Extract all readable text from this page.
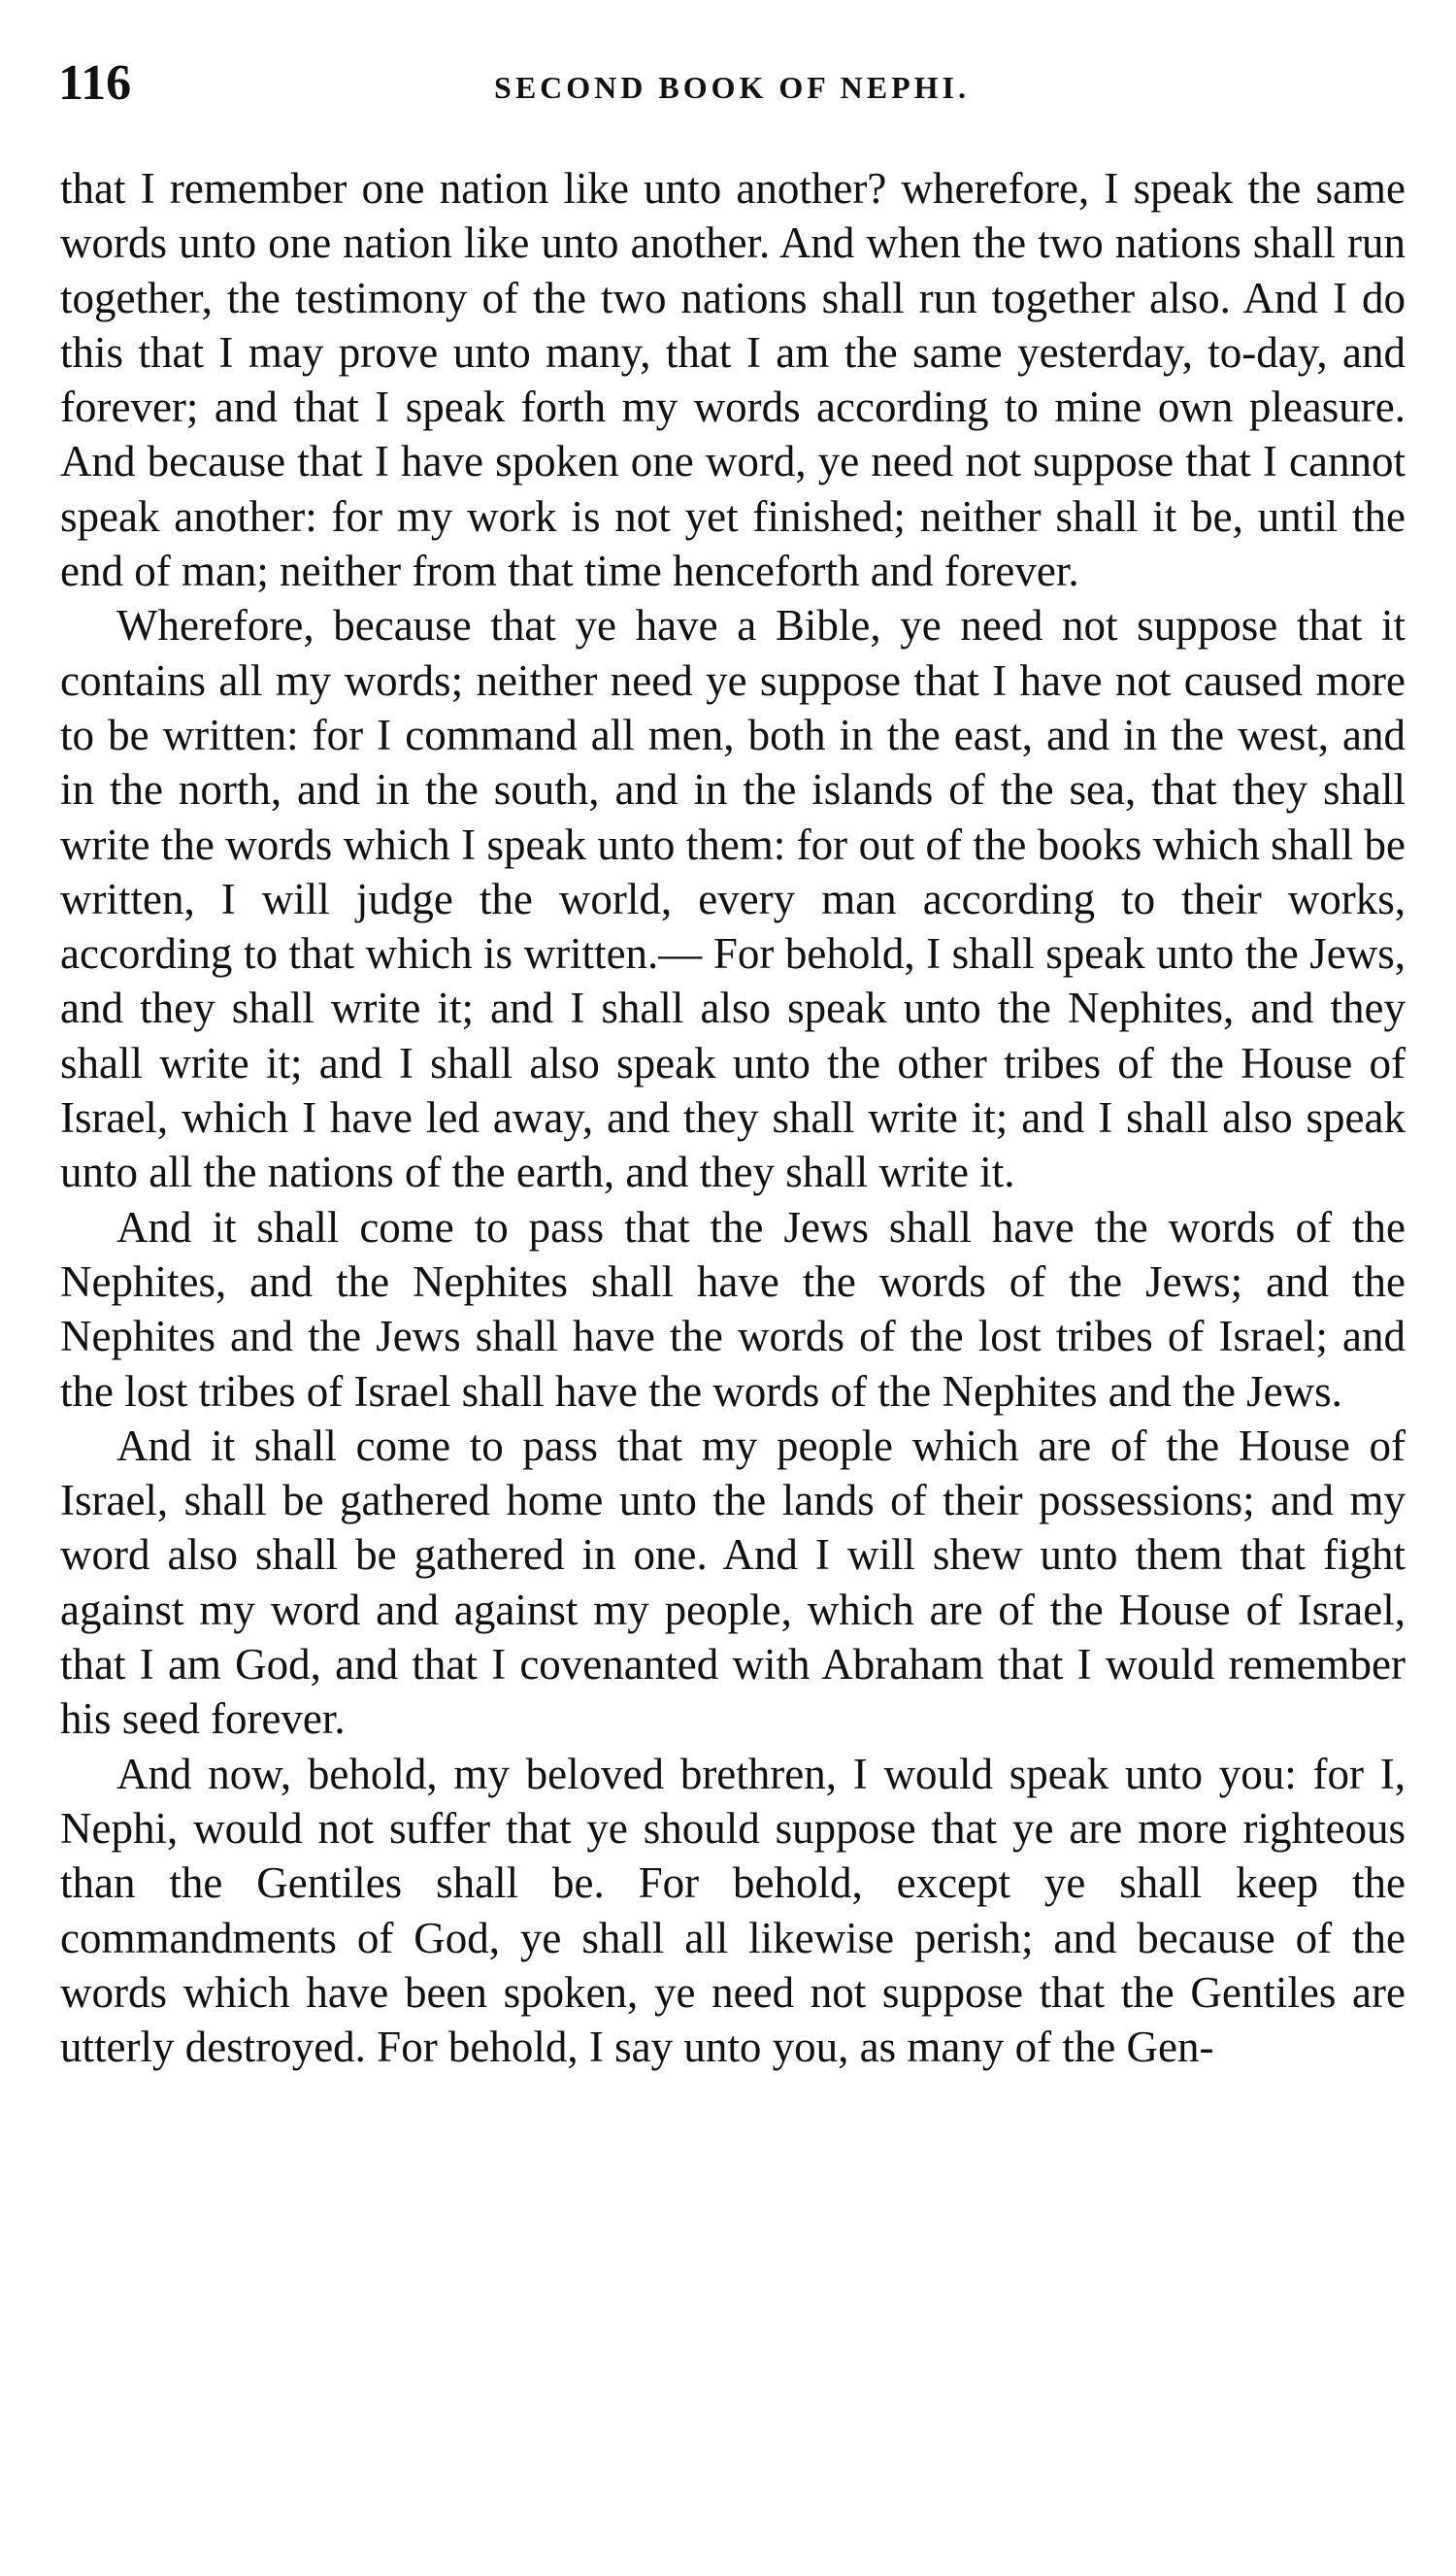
116	SECOND BOOK OF NEPHI.

that I remember one nation like unto another? wherefore, I speak the same words unto one nation like unto another. And when the two nations shall run together, the testimony of the two nations shall run together also. And I do this that I may prove unto many, that I am the same yesterday, to-day, and forever; and that I speak forth my words according to mine own pleasure. And because that I have spoken one word, ye need not suppose that I cannot speak another: for my work is not yet finished; neither shall it be, until the end of man; neither from that time henceforth and forever.

Wherefore, because that ye have a Bible, ye need not suppose that it contains all my words; neither need ye suppose that I have not caused more to be written: for I command all men, both in the east, and in the west, and in the north, and in the south, and in the islands of the sea, that they shall write the words which I speak unto them: for out of the books which shall be written, I will judge the world, every man according to their works, according to that which is written.— For behold, I shall speak unto the Jews, and they shall write it; and I shall also speak unto the Nephites, and they shall write it; and I shall also speak unto the other tribes of the House of Israel, which I have led away, and they shall write it; and I shall also speak unto all the nations of the earth, and they shall write it.

And it shall come to pass that the Jews shall have the words of the Nephites, and the Nephites shall have the words of the Jews; and the Nephites and the Jews shall have the words of the lost tribes of Israel; and the lost tribes of Israel shall have the words of the Nephites and the Jews.

And it shall come to pass that my people which are of the House of Israel, shall be gathered home unto the lands of their possessions; and my word also shall be gathered in one. And I will shew unto them that fight against my word and against my people, which are of the House of Israel, that I am God, and that I covenanted with Abraham that I would remember his seed forever.

And now, behold, my beloved brethren, I would speak unto you: for I, Nephi, would not suffer that ye should suppose that ye are more righteous than the Gentiles shall be. For behold, except ye shall keep the commandments of God, ye shall all likewise perish; and because of the words which have been spoken, ye need not suppose that the Gentiles are utterly destroyed. For behold, I say unto you, as many of the Gen-
